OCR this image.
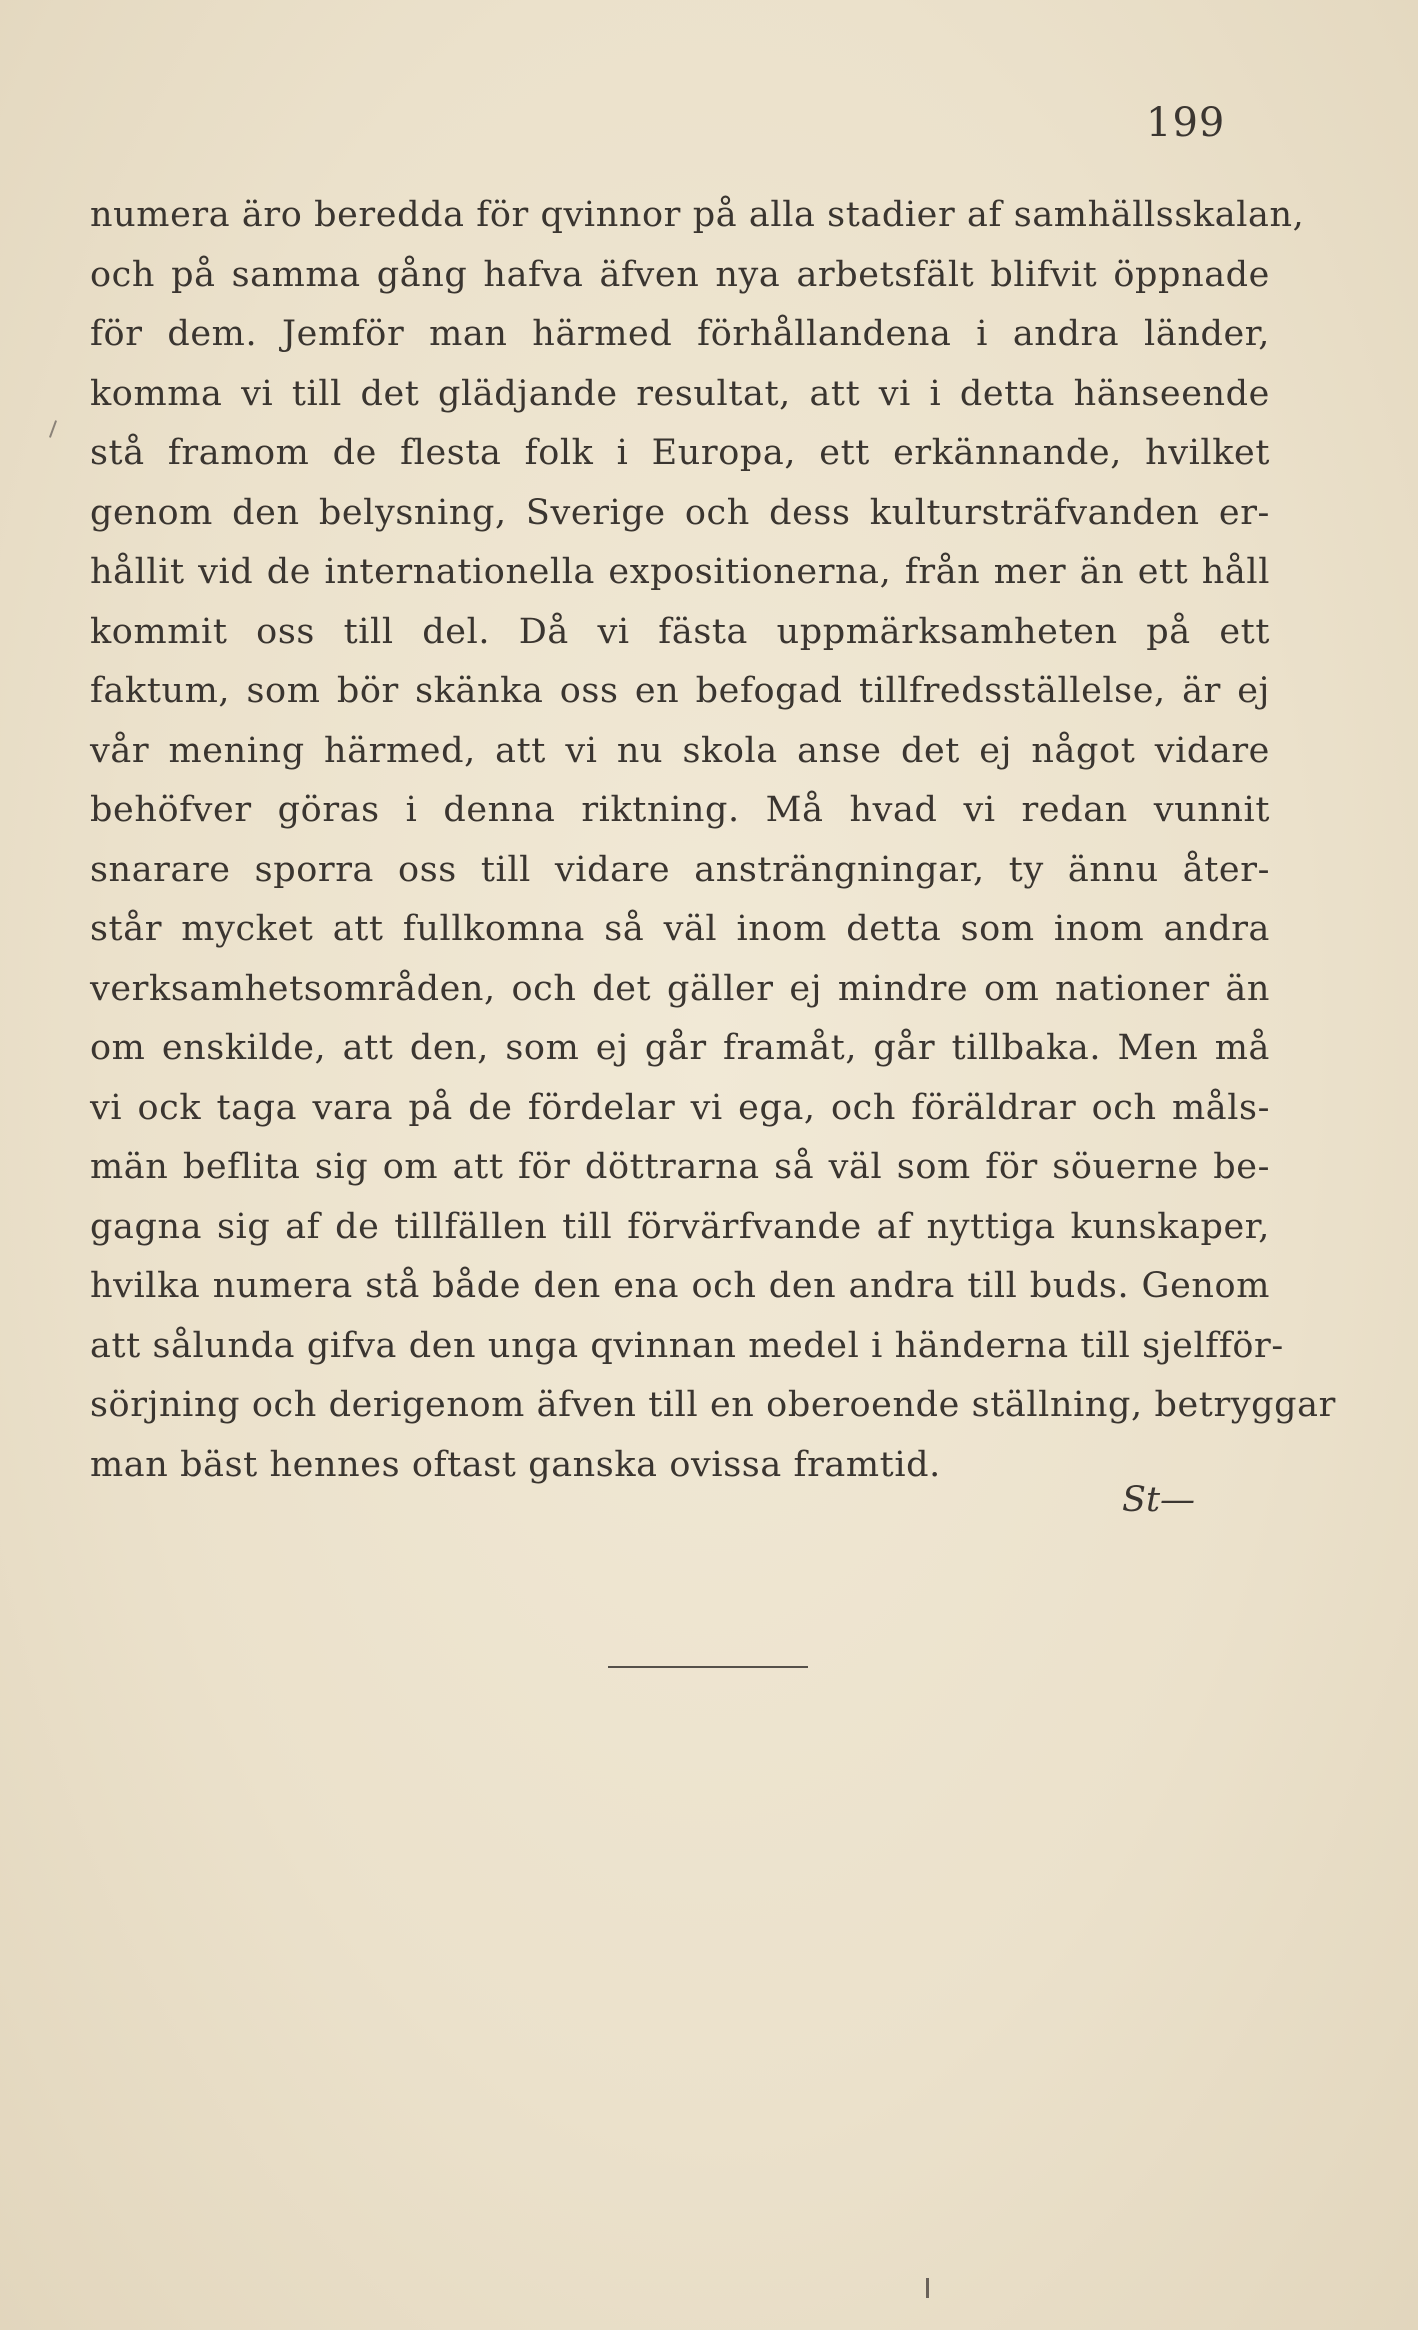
199
numera äro beredda för qvinnor på alla stadier af samhällsskalan,
och på samma gång hafva äfven nya arbetsfält blifvit öppnade
för dem. Jemför man härmed förhållandena i andra länder,
komma vi till det glädjande resultat, att vi i detta hänseende
stå framom de flesta folk i Europa, ett erkännande, hvilket
genom den belysning, Sverige och dess kultursträfvanden er-
hållit vid de internationella expositionerna, från mer än ett håll
kommit oss till del. Då vi fästa uppmärksamheten på ett
faktum, som bör skänka oss en befogad tillfredsställelse, är ej
vår mening härmed, att vi nu skola anse det ej något vidare
behöfver göras i denna riktning. Må hvad vi redan vunnit
snarare sporra oss till vidare ansträngningar, ty ännu åter-
står mycket att fullkomna så väl inom detta som inom andra
verksamhetsområden, och det gäller ej mindre om nationer än
om enskilde, att den, som ej går framåt, går tillbaka. Men må
vi ock taga vara på de fördelar vi ega, och föräldrar och måls-
män beflita sig om att för döttrarna så väl som för söuerne be-
gagna sig af de tillfällen till förvärfvande af nyttiga kunskaper,
hvilka numera stå både den ena och den andra till buds. Genom
att sålunda gifva den unga qvinnan medel i händerna till sjelfför-
sörjning och derigenom äfven till en oberoende ställning, betryggar
man bäst hennes oftast ganska ovissa framtid.
St—
